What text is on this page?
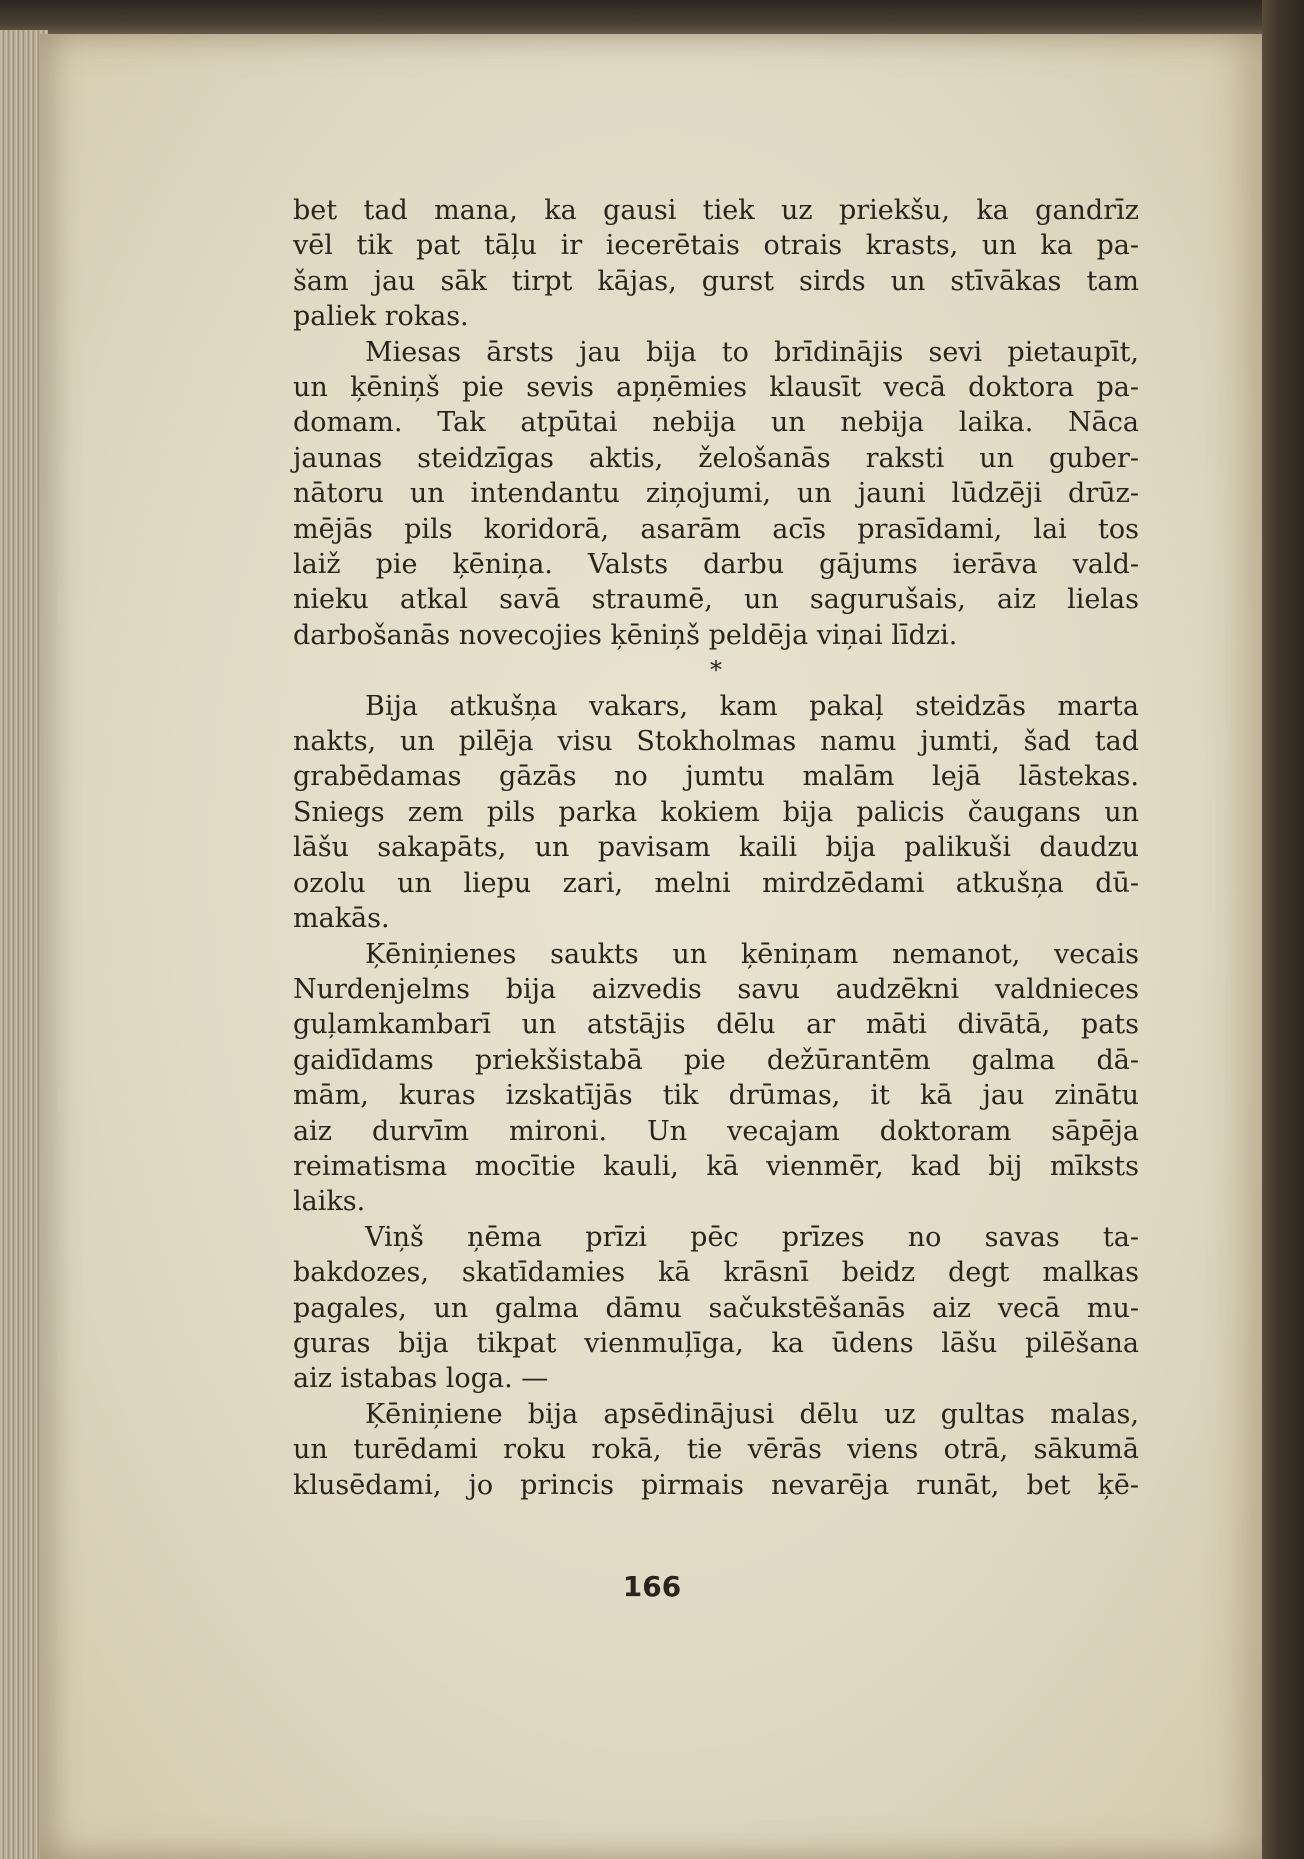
bet tad mana, ka gausi tiek uz priekšu, ka gandrīz
vēl tik pat tāļu ir iecerētais otrais krasts, un ka pa-
šam jau sāk tirpt kājas, gurst sirds un stīvākas tam
paliek rokas.

Miesas ārsts jau bija to brīdinājis sevi pietaupīt,
un ķēniņš pie sevis apņēmies klausīt vecā doktora pa-
domam. Tak atpūtai nebija un nebija laika. Nāca
jaunas steidzīgas aktis, želošanās raksti un guber-
nātoru un intendantu ziņojumi, un jauni lūdzēji drūz-
mējās pils koridorā, asarām acīs prasīdami, lai tos
laiž pie ķēniņa. Valsts darbu gājums ierāva vald-
nieku atkal savā straumē, un sagurušais, aiz lielas
darbošanās novecojies ķēniņš peldēja viņai līdzi.

*

Bija atkušņa vakars, kam pakaļ steidzās marta
nakts, un pilēja visu Stokholmas namu jumti, šad tad
grabēdamas gāzās no jumtu malām lejā lāstekas.
Sniegs zem pils parka kokiem bija palicis čaugans un
lāšu sakapāts, un pavisam kaili bija palikuši daudzu
ozolu un liepu zari, melni mirdzēdami atkušņa dū-
makās.

Ķēniņienes saukts un ķēniņam nemanot, vecais
Nurdenjelms bija aizvedis savu audzēkni valdnieces
guļamkambarī un atstājis dēlu ar māti divātā, pats
gaidīdams priekšistabā pie dežūrantēm galma dā-
mām, kuras izskatījās tik drūmas, it kā jau zinātu
aiz durvīm mironi. Un vecajam doktoram sāpēja
reimatisma mocītie kauli, kā vienmēr, kad bij mīksts
laiks.

Viņš ņēma prīzi pēc prīzes no savas ta-
bakdozes, skatīdamies kā krāsnī beidz degt malkas
pagales, un galma dāmu sačukstēšanās aiz vecā mu-
guras bija tikpat vienmuļīga, ka ūdens lāšu pilēšana
aiz istabas loga. —

Ķēniņiene bija apsēdinājusi dēlu uz gultas malas,
un turēdami roku rokā, tie vērās viens otrā, sākumā
klusēdami, jo princis pirmais nevarēja runāt, bet ķē-

166
